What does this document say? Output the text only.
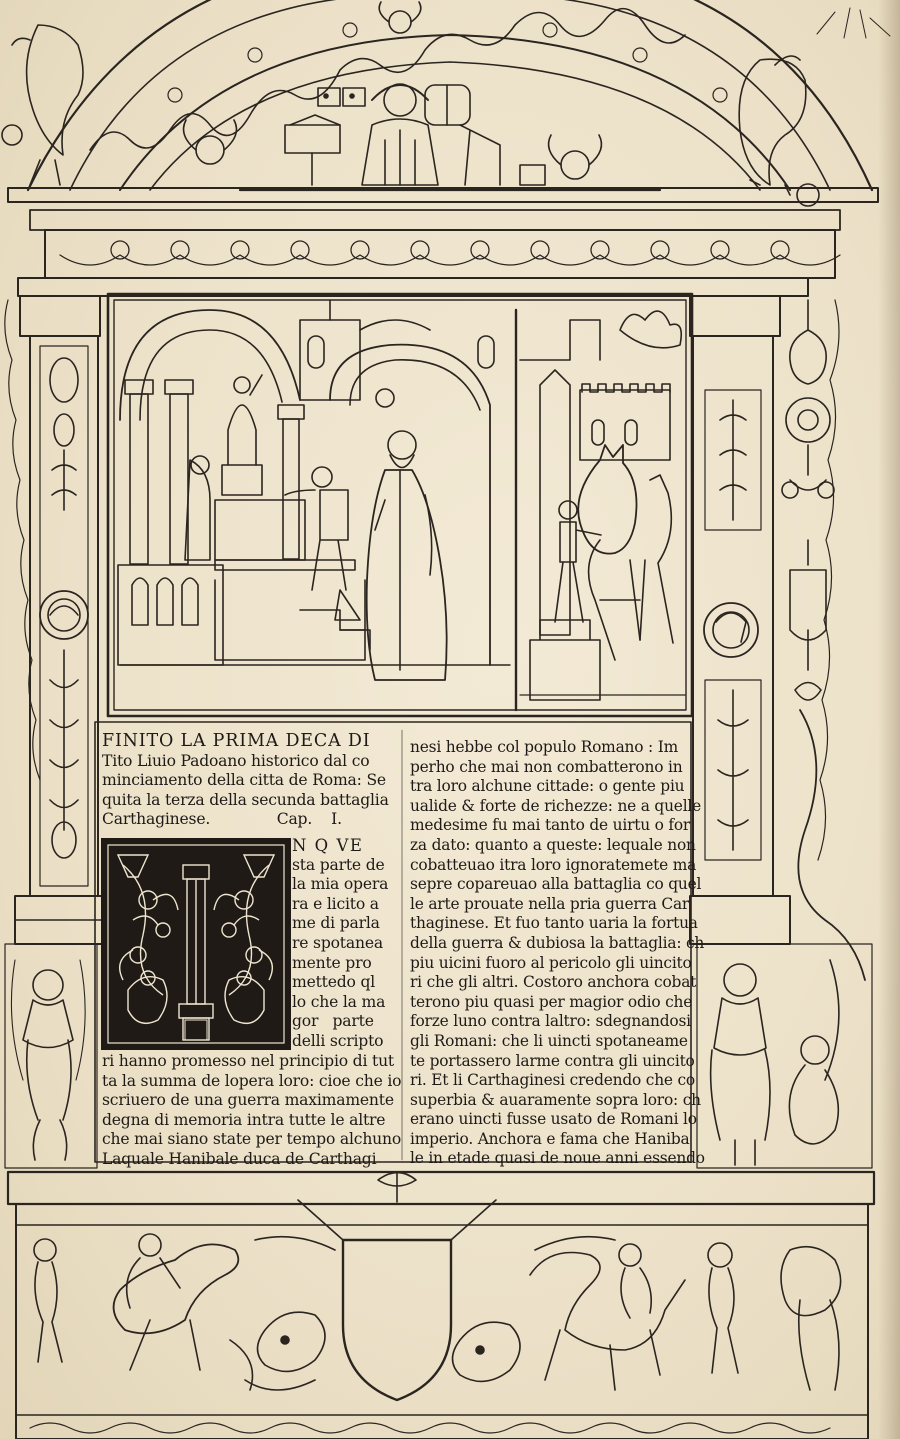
FINITO LA PRIMA DECA DI
Tito Liuio Padoano historico dal co
minciamento della citta de Roma: Se
quita la terza della secunda battaglia
Carthaginese.              Cap.    I.
N Q VE
sta parte de
la mia opera
ra e licito a
me di parla
re spotanea
mente pro
mettedo ql
lo che la ma
gor   parte
delli scripto
ri hanno promesso nel principio di tut
ta la summa de lopera loro: cioe che io
scriuero de una guerra maximamente
degna di memoria intra tutte le altre
che mai siano state per tempo alchuno
Laquale Hanibale duca de Carthagi
nesi hebbe col populo Romano : Im
perho che mai non combatterono in
tra loro alchune cittade: o gente piu
ualide & forte de richezze: ne a quelle
medesime fu mai tanto de uirtu o for
za dato: quanto a queste: lequale non
cobatteuao itra loro ignoratemete ma
sepre copareuao alla battaglia co quel
le arte prouate nella pria guerra Car
thaginese. Et fuo tanto uaria la fortua
della guerra & dubiosa la battaglia: ch
piu uicini fuoro al pericolo gli uincito
ri che gli altri. Costoro anchora cobat
terono piu quasi per magior odio che
forze luno contra laltro: sdegnandosi
gli Romani: che li uincti spotaneame
te portassero larme contra gli uincito
ri. Et li Carthaginesi credendo che co
superbia & auaramente sopra loro: ch
erano uincti fusse usato de Romani lo
imperio. Anchora e fama che Haniba
le in etade quasi de noue anni essendo
